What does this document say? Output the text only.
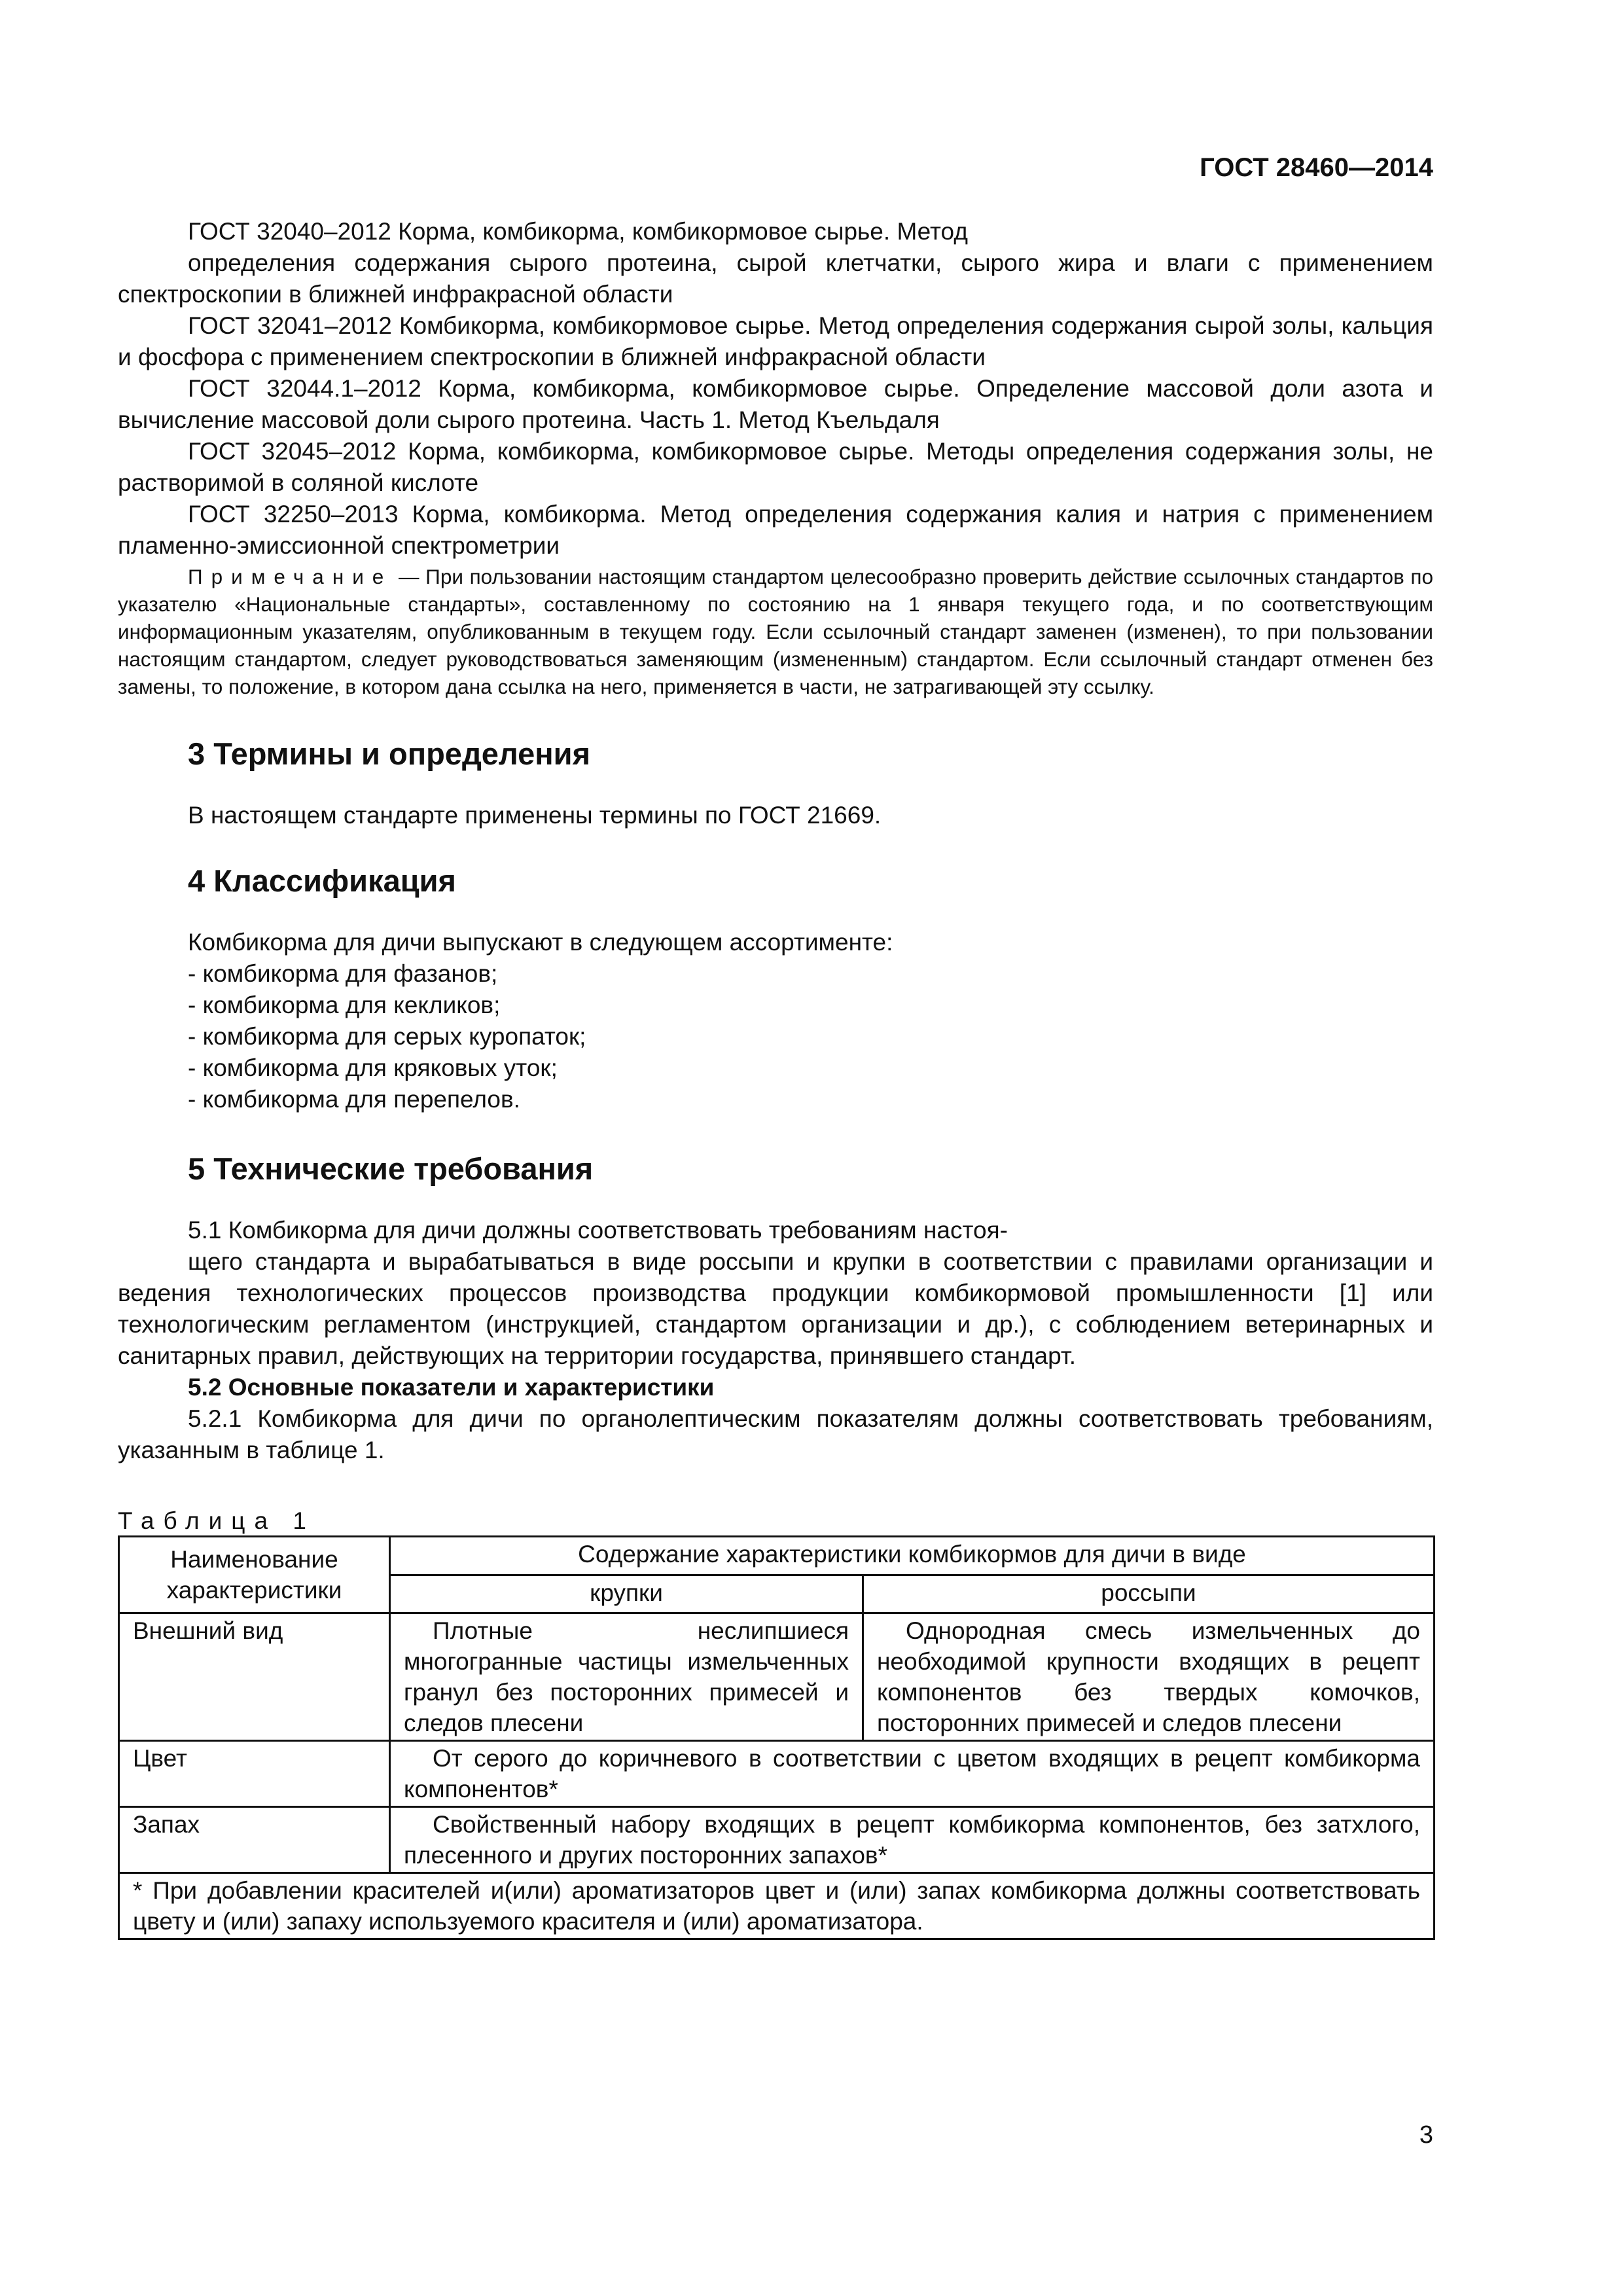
ГОСТ 28460—2014

ГОСТ 32040–2012 Корма, комбикорма, комбикормовое сырье. Метод

определения содержания сырого протеина, сырой клетчатки, сырого жира и влаги с применением спектроскопии в ближней инфракрасной области

ГОСТ 32041–2012 Комбикорма, комбикормовое сырье. Метод определения содержания сырой золы, кальция и фосфора с применением спектроскопии в ближней инфракрасной области

ГОСТ 32044.1–2012 Корма, комбикорма, комбикормовое сырье. Определение массовой доли азота и вычисление массовой доли сырого протеина. Часть 1. Метод Къельдаля

ГОСТ 32045–2012 Корма, комбикорма, комбикормовое сырье. Методы определения содержания золы, не растворимой в соляной кислоте

ГОСТ 32250–2013 Корма, комбикорма. Метод определения содержания калия и натрия с применением пламенно-эмиссионной спектрометрии

Примечание — При пользовании настоящим стандартом целесообразно проверить действие ссылочных стандартов по указателю «Национальные стандарты», составленному по состоянию на 1 января текущего года, и по соответствующим информационным указателям, опубликованным в текущем году. Если ссылочный стандарт заменен (изменен), то при пользовании настоящим стандартом, следует руководствоваться заменяющим (измененным) стандартом. Если ссылочный стандарт отменен без замены, то положение, в котором дана ссылка на него, применяется в части, не затрагивающей эту ссылку.

3 Термины и определения

В настоящем стандарте применены термины по ГОСТ 21669.

4 Классификация

Комбикорма для дичи выпускают в следующем ассортименте:

- комбикорма для фазанов;

- комбикорма для кекликов;

- комбикорма для серых куропаток;

- комбикорма для кряковых уток;

- комбикорма для перепелов.

5 Технические требования

5.1 Комбикорма для дичи должны соответствовать требованиям настоя-

щего стандарта и вырабатываться в виде россыпи и крупки в соответствии с правилами организации и ведения технологических процессов производства продукции комбикормовой промышленности [1] или технологическим регламентом (инструкцией, стандартом организации и др.), с соблюдением ветеринарных и санитарных правил, действующих на территории государства, принявшего стандарт.

5.2 Основные показатели и характеристики

5.2.1 Комбикорма для дичи по органолептическим показателям должны соответствовать требованиям, указанным в таблице 1.

Таблица 1

Наименование характеристики	Содержание характеристики комбикормов для дичи в виде	
	крупки	россыпи
Внешний вид	Плотные неслипшиеся многогранные частицы измельченных гранул без посторонних примесей и следов плесени	Однородная смесь измельченных до необходимой крупности входящих в рецепт компонентов без твердых комочков, посторонних примесей и следов плесени
Цвет	От серого до коричневого в соответствии с цветом входящих в рецепт комбикорма компонентов*	
Запах	Свойственный набору входящих в рецепт комбикорма компонентов, без затхлого, плесенного и других посторонних запахов*	
* При добавлении красителей и(или) ароматизаторов цвет и (или) запах комбикорма должны соответствовать цвету и (или) запаху используемого красителя и (или) ароматизатора.		
3
